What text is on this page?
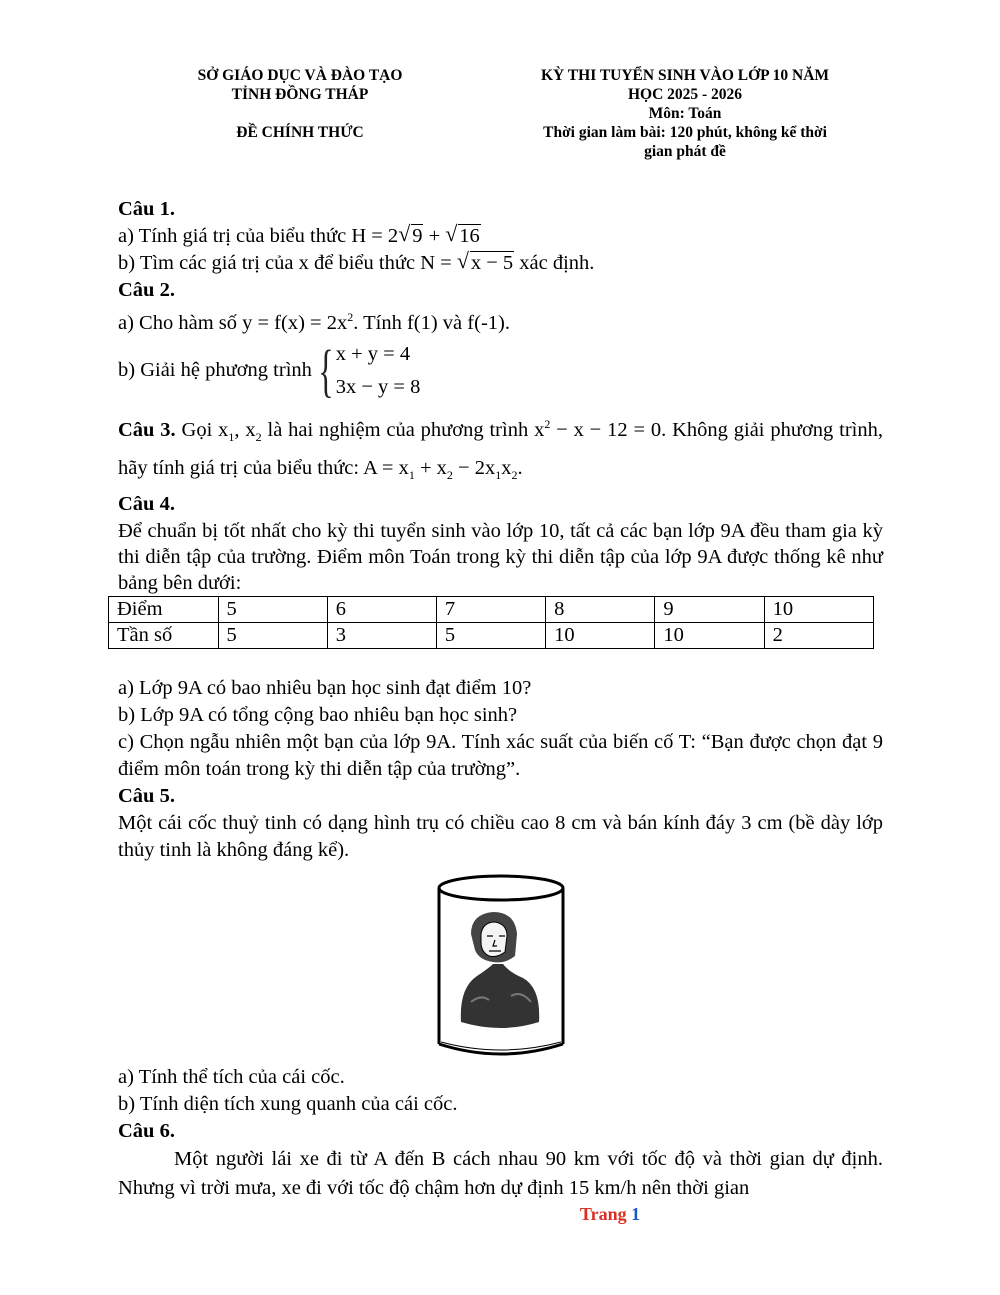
SỞ GIÁO DỤC VÀ ĐÀO TẠO
TỈNH ĐỒNG THÁP
ĐỀ CHÍNH THỨC
KỲ THI TUYỂN SINH VÀO LỚP 10 NĂM
HỌC 2025 - 2026
Môn: Toán
Thời gian làm bài: 120 phút, không kể thời
gian phát đề
Câu 1.
a) Tính giá trị của biểu thức H = 2 √ 9 + √ 16
b) Tìm các giá trị của x để biểu thức N = √ x − 5 xác định.
Câu 2.
a) Cho hàm số $y = f(x) = 2x^2$. Tính f(1) và f(-1).
b) Giải hệ phương trình { x + y = 4
3x − y = 8
Câu 3. Gọi $x_1$, $x_2$ là hai nghiệm của phương trình $x^2 - x - 12 = 0$. Không giải phương trình, hãy tính giá trị của biểu thức: $A = x_1 + x_2 - 2x_1x_2$.
Câu 4.
Để chuẩn bị tốt nhất cho kỳ thi tuyển sinh vào lớp 10, tất cả các bạn lớp 9A đều tham gia kỳ thi diễn tập của trường. Điểm môn Toán trong kỳ thi diễn tập của lớp 9A được thống kê như bảng bên dưới:
Điểm	5	6	7	8	9	10
Tần số	5	3	5	10	10	2
a) Lớp 9A có bao nhiêu bạn học sinh đạt điểm 10?
b) Lớp 9A có tổng cộng bao nhiêu bạn học sinh?
c) Chọn ngẫu nhiên một bạn của lớp 9A. Tính xác suất của biến cố T: “Bạn được chọn đạt 9 điểm môn toán trong kỳ thi diễn tập của trường”.
Câu 5.
Một cái cốc thuỷ tinh có dạng hình trụ có chiều cao 8 cm và bán kính đáy 3 cm (bề dày lớp thủy tinh là không đáng kể).
a) Tính thể tích của cái cốc.
b) Tính diện tích xung quanh của cái cốc.
Câu 6.
Một người lái xe đi từ A đến B cách nhau 90 km với tốc độ và thời gian dự định. Nhưng vì trời mưa, xe đi với tốc độ chậm hơn dự định 15 km/h nên thời gian
Trang 1
